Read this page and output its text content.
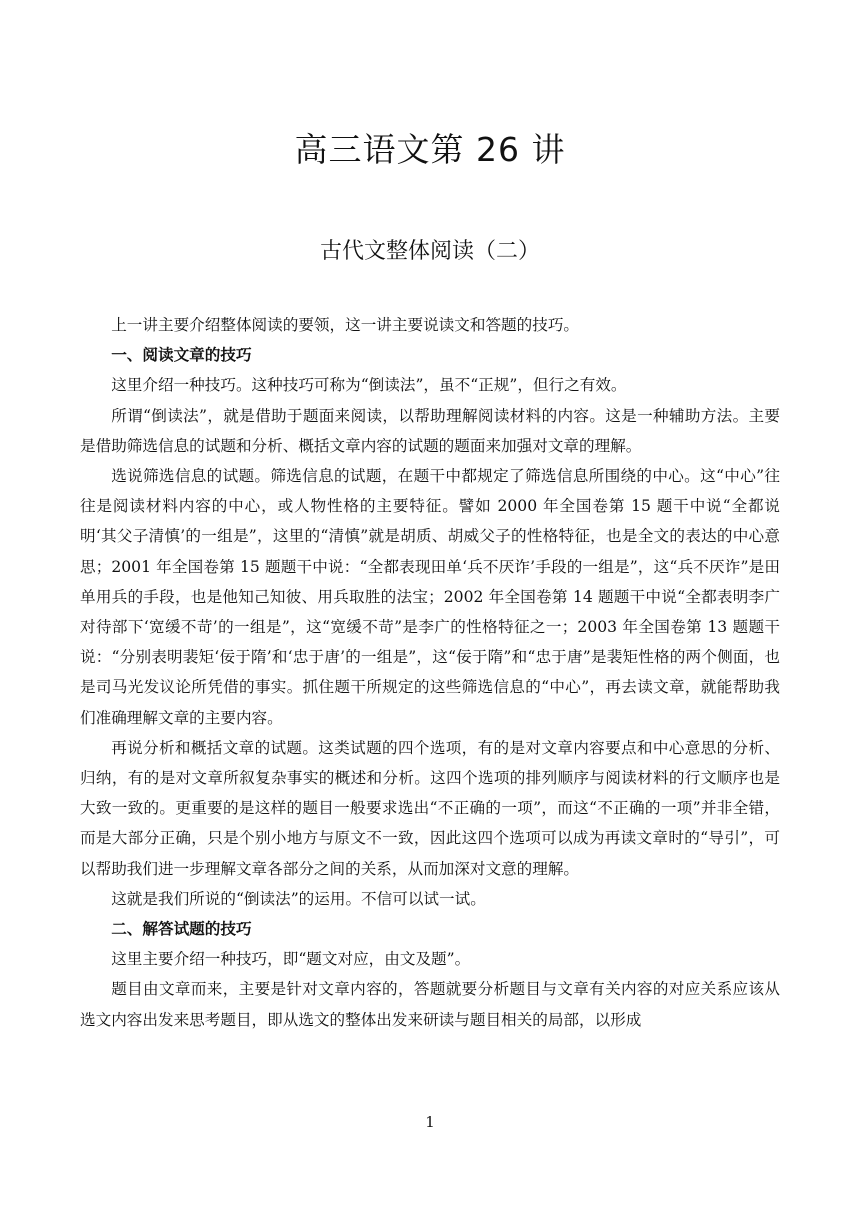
高三语文第 26 讲
古代文整体阅读（二）

上一讲主要介绍整体阅读的要领，这一讲主要说读文和答题的技巧。

一、阅读文章的技巧

这里介绍一种技巧。这种技巧可称为“倒读法”，虽不“正规”，但行之有效。

所谓“倒读法”，就是借助于题面来阅读，以帮助理解阅读材料的内容。这是一种辅助方法。主要是借助筛选信息的试题和分析、概括文章内容的试题的题面来加强对文章的理解。

选说筛选信息的试题。筛选信息的试题，在题干中都规定了筛选信息所围绕的中心。这“中心”往往是阅读材料内容的中心，或人物性格的主要特征。譬如 2000 年全国卷第 15 题干中说“全都说明‘其父子清慎’的一组是”，这里的“清慎”就是胡质、胡威父子的性格特征，也是全文的表达的中心意思；2001 年全国卷第 15 题题干中说：“全都表现田单‘兵不厌诈’手段的一组是”，这“兵不厌诈”是田单用兵的手段，也是他知己知彼、用兵取胜的法宝；2002 年全国卷第 14 题题干中说“全都表明李广对待部下‘宽缓不苛’的一组是”，这“宽缓不苛”是李广的性格特征之一；2003 年全国卷第 13 题题干说：“分别表明裴矩‘佞于隋’和‘忠于唐’的一组是”，这“佞于隋”和“忠于唐”是裴矩性格的两个侧面，也是司马光发议论所凭借的事实。抓住题干所规定的这些筛选信息的“中心”，再去读文章，就能帮助我们准确理解文章的主要内容。

再说分析和概括文章的试题。这类试题的四个选项，有的是对文章内容要点和中心意思的分析、归纳，有的是对文章所叙复杂事实的概述和分析。这四个选项的排列顺序与阅读材料的行文顺序也是大致一致的。更重要的是这样的题目一般要求选出“不正确的一项”，而这“不正确的一项”并非全错，而是大部分正确，只是个别小地方与原文不一致，因此这四个选项可以成为再读文章时的“导引”，可以帮助我们进一步理解文章各部分之间的关系，从而加深对文意的理解。

这就是我们所说的“倒读法”的运用。不信可以试一试。

二、解答试题的技巧

这里主要介绍一种技巧，即“题文对应，由文及题”。

题目由文章而来，主要是针对文章内容的，答题就要分析题目与文章有关内容的对应关系应该从选文内容出发来思考题目，即从选文的整体出发来研读与题目相关的局部，以形成

1
